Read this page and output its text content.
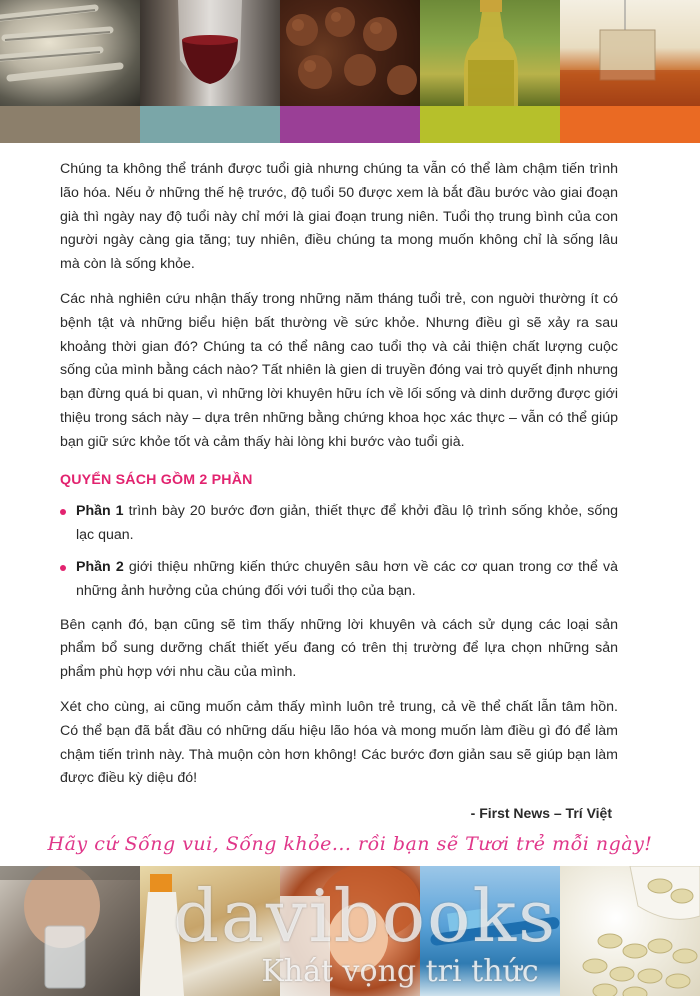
Chúng ta không thể tránh được tuổi già nhưng chúng ta vẫn có thể làm chậm tiến trình lão hóa. Nếu ở những thế hệ trước, độ tuổi 50 được xem là bắt đầu bước vào giai đoạn già thì ngày nay độ tuổi này chỉ mới là giai đoạn trung niên. Tuổi thọ trung bình của con người ngày càng gia tăng; tuy nhiên, điều chúng ta mong muốn không chỉ là sống lâu mà còn là sống khỏe.

Các nhà nghiên cứu nhận thấy trong những năm tháng tuổi trẻ, con nguời thường ít có bệnh tật và những biểu hiện bất thường về sức khỏe. Nhưng điều gì sẽ xảy ra sau khoảng thời gian đó? Chúng ta có thể nâng cao tuổi thọ và cải thiện chất lượng cuộc sống của mình bằng cách nào? Tất nhiên là gien di truyền đóng vai trò quyết định nhưng bạn đừng quá bi quan, vì những lời khuyên hữu ích về lối sống và dinh dưỡng được giới thiệu trong sách này – dựa trên những bằng chứng khoa học xác thực – vẫn có thể giúp bạn giữ sức khỏe tốt và cảm thấy hài lòng khi bước vào tuổi già.

QUYỂN SÁCH GỒM 2 PHẦN
Phần 1 trình bày 20 bước đơn giản, thiết thực để khởi đầu lộ trình sống khỏe, sống lạc quan.
Phần 2 giới thiệu những kiến thức chuyên sâu hơn về các cơ quan trong cơ thể và những ảnh hưởng của chúng đối với tuổi thọ của bạn.

Bên cạnh đó, bạn cũng sẽ tìm thấy những lời khuyên và cách sử dụng các loại sản phẩm bổ sung dưỡng chất thiết yếu đang có trên thị trường để lựa chọn những sản phẩm phù hợp với nhu cầu của mình.

Xét cho cùng, ai cũng muốn cảm thấy mình luôn trẻ trung, cả về thể chất lẫn tâm hồn. Có thể bạn đã bắt đầu có những dấu hiệu lão hóa và mong muốn làm điều gì đó để làm chậm tiến trình này. Thà muộn còn hơn không! Các bước đơn giản sau sẽ giúp bạn làm được điều kỳ diệu đó!

- First News – Trí Việt
Hãy cứ Sống vui, Sống khỏe... rồi bạn sẽ Tươi trẻ mỗi ngày!
davibooks
Khát vọng tri thức
